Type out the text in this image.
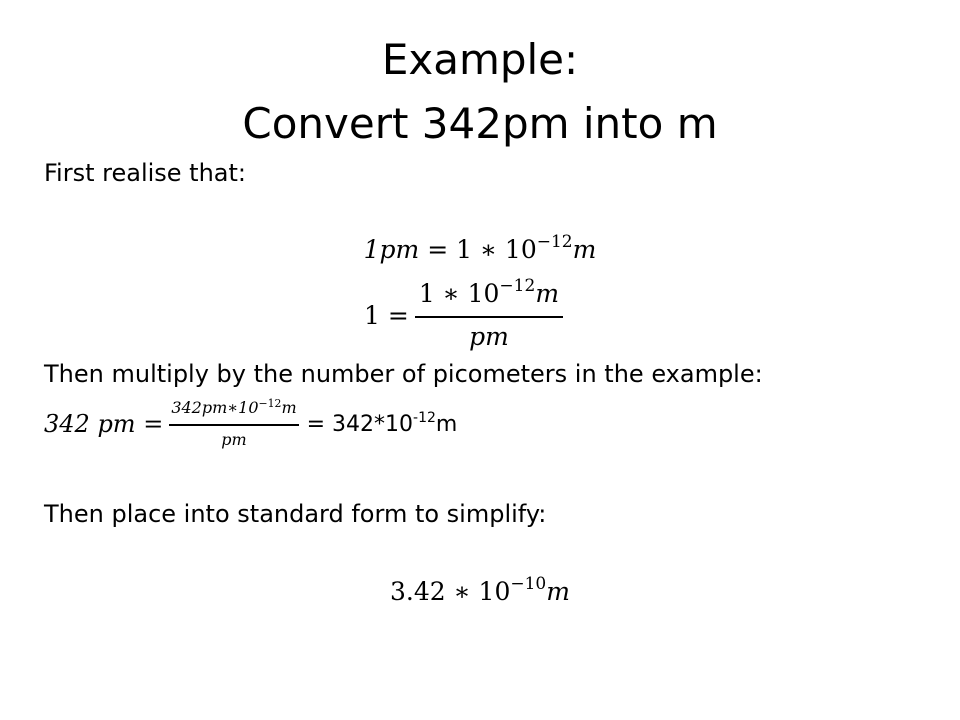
Example:
Convert 342pm into m
First realise that:
1pm = 1 ∗ $10^{-12}m$
$1 = \frac{1 ∗ 10^{-12}m}{pm}$
Then multiply by the number of picometers in the example:
342 pm = $\frac{342pm∗10^{-12}m}{pm} = 342*10^{-12}m$
Then place into standard form to simplify:
3.42 ∗ $10^{-10}m$
